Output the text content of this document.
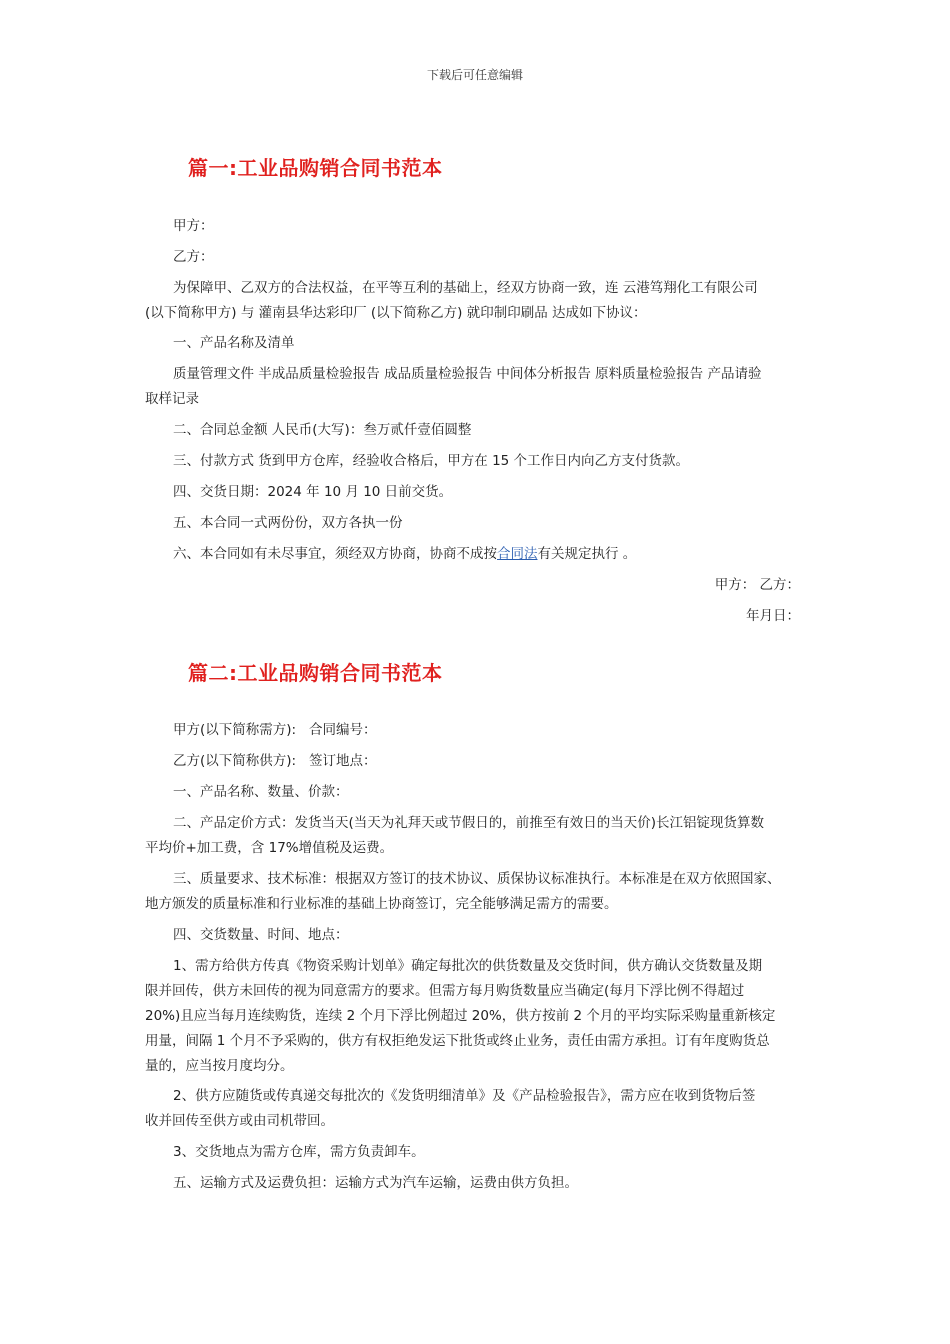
下载后可任意编辑
篇一:工业品购销合同书范本

甲方：

乙方：

为保障甲、乙双方的合法权益，在平等互利的基础上，经双方协商一致，连 云港笃翔化工有限公司
(以下简称甲方) 与 灌南县华达彩印厂 (以下简称乙方) 就印制印刷品 达成如下协议：

一、产品名称及清单

质量管理文件 半成品质量检验报告 成品质量检验报告 中间体分析报告 原料质量检验报告 产品请验
取样记录

二、合同总金额 人民币(大写)：叁万贰仟壹佰圆整

三、付款方式 货到甲方仓库，经验收合格后，甲方在 15 个工作日内向乙方支付货款。

四、交货日期：2024 年 10 月 10 日前交货。

五、本合同一式两份份，双方各执一份

六、本合同如有未尽事宜，须经双方协商，协商不成按合同法有关规定执行 。

甲方： 乙方：
年月日：
篇二:工业品购销合同书范本

甲方(以下简称需方):   合同编号：

乙方(以下简称供方):   签订地点：

一、产品名称、数量、价款：

二、产品定价方式：发货当天(当天为礼拜天或节假日的，前推至有效日的当天价)长江铝锭现货算数
平均价+加工费，含 17%增值税及运费。

三、质量要求、技术标准：根据双方签订的技术协议、质保协议标准执行。本标准是在双方依照国家、
地方颁发的质量标准和行业标准的基础上协商签订，完全能够满足需方的需要。

四、交货数量、时间、地点：

1、需方给供方传真《物资采购计划单》确定每批次的供货数量及交货时间，供方确认交货数量及期
限并回传，供方未回传的视为同意需方的要求。但需方每月购货数量应当确定(每月下浮比例不得超过
20%)且应当每月连续购货，连续 2 个月下浮比例超过 20%，供方按前 2 个月的平均实际采购量重新核定
用量，间隔 1 个月不予采购的，供方有权拒绝发运下批货或终止业务，责任由需方承担。订有年度购货总
量的，应当按月度均分。

2、供方应随货或传真递交每批次的《发货明细清单》及《产品检验报告》，需方应在收到货物后签
收并回传至供方或由司机带回。

3、交货地点为需方仓库，需方负责卸车。

五、运输方式及运费负担：运输方式为汽车运输，运费由供方负担。
